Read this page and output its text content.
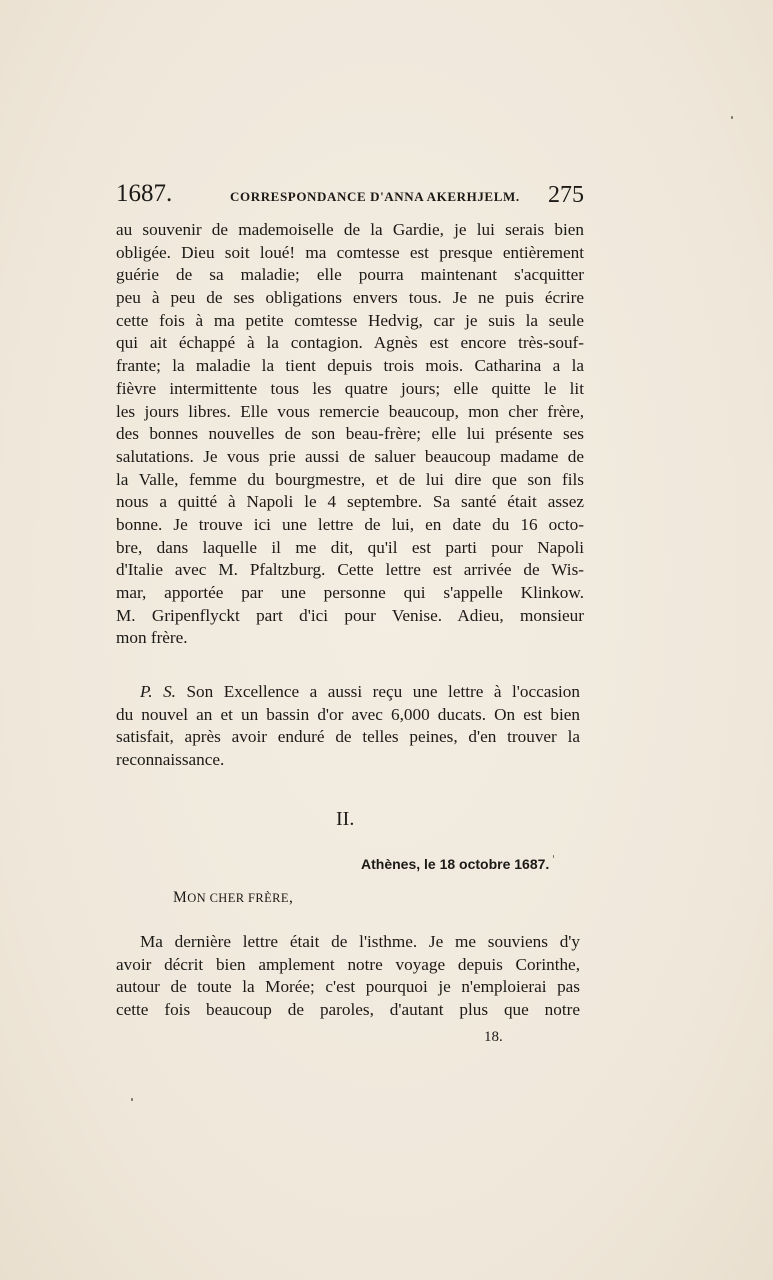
1687.	CORRESPONDANCE D'ANNA AKERHJELM. 275
au souvenir de mademoiselle de la Gardie, je lui serais bien
obligée. Dieu soit loué! ma comtesse est presque entièrement
guérie de sa maladie; elle pourra maintenant s'acquitter
peu à peu de ses obligations envers tous. Je ne puis écrire
cette fois à ma petite comtesse Hedvig, car je suis la seule
qui ait échappé à la contagion. Agnès est encore très-souf-
frante; la maladie la tient depuis trois mois. Catharina a la
fièvre intermittente tous les quatre jours; elle quitte le lit
les jours libres. Elle vous remercie beaucoup, mon cher frère,
des bonnes nouvelles de son beau-frère; elle lui présente ses
salutations. Je vous prie aussi de saluer beaucoup madame de
la Valle, femme du bourgmestre, et de lui dire que son fils
nous a quitté à Napoli le 4 septembre. Sa santé était assez
bonne. Je trouve ici une lettre de lui, en date du 16 octo-
bre, dans laquelle il me dit, qu'il est parti pour Napoli
d'Italie avec M. Pfaltzburg. Cette lettre est arrivée de Wis-
mar, apportée par une personne qui s'appelle Klinkow.
M. Gripenflyckt part d'ici pour Venise. Adieu, monsieur
mon frère.
P. S. Son Excellence a aussi reçu une lettre à l'occasion
du nouvel an et un bassin d'or avec 6,000 ducats. On est bien
satisfait, après avoir enduré de telles peines, d'en trouver la
reconnaissance.
II.
Athènes, le 18 octobre 1687.
MON CHER FRÈRE,
Ma dernière lettre était de l'isthme. Je me souviens d'y
avoir décrit bien amplement notre voyage depuis Corinthe,
autour de toute la Morée; c'est pourquoi je n'emploierai pas
cette fois beaucoup de paroles, d'autant plus que notre
18.
